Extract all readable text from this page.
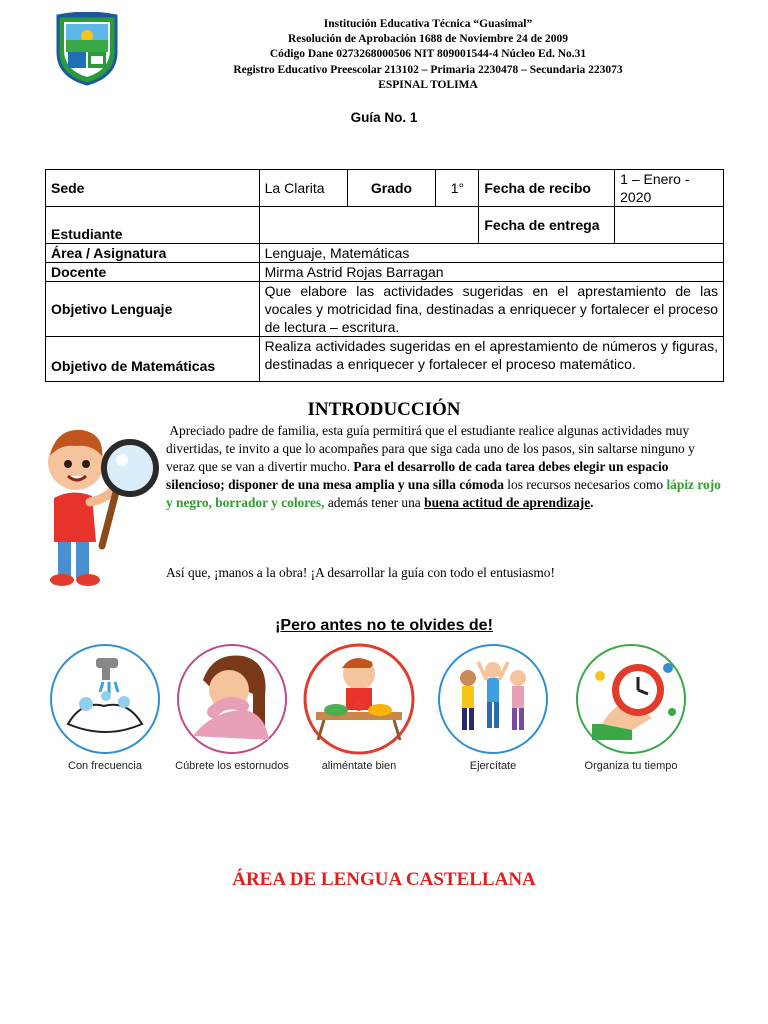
Institución Educativa Técnica “Guasimal”
Resolución de Aprobación 1688 de Noviembre 24 de 2009
Código Dane 0273268000506 NIT 809001544-4 Núcleo Ed. No.31
Registro Educativo Preescolar 213102 – Primaria 2230478 – Secundaria 223073
ESPINAL TOLIMA
Guía No. 1
Sede	La Clarita	Grado	1°	Fecha de recibo	1 – Enero - 2020
Estudiante				Fecha de entrega	
Área / Asignatura	Lenguaje, Matemáticas				
Docente	Mirma Astrid Rojas Barragan				
Objetivo Lenguaje	Que elabore las actividades sugeridas en el aprestamiento de las vocales y motricidad fina, destinadas a enriquecer y fortalecer el proceso de lectura – escritura.				
Objetivo de Matemáticas	Realiza actividades sugeridas en el aprestamiento de números y figuras, destinadas a enriquecer y fortalecer el proceso matemático.				
INTRODUCCIÓN
Apreciado padre de familia, esta guía permitirá que el estudiante realice algunas actividades muy divertidas, te invito a que lo acompañes para que siga cada uno de los pasos, sin saltarse ninguno y veraz que se van a divertir mucho. Para el desarrollo de cada tarea debes elegir un espacio silencioso; disponer de una mesa amplia y una silla cómoda los recursos necesarios como lápiz rojo y negro, borrador y colores, además tener una buena actitud de aprendizaje.
Así que, ¡manos a la obra! ¡A desarrollar la guía con todo el entusiasmo!
¡Pero antes no te olvides de!
Con frecuencia	Cúbrete los estornudos	aliméntate bien	Ejercítate	Organiza tu tiempo
ÁREA DE LENGUA CASTELLANA
